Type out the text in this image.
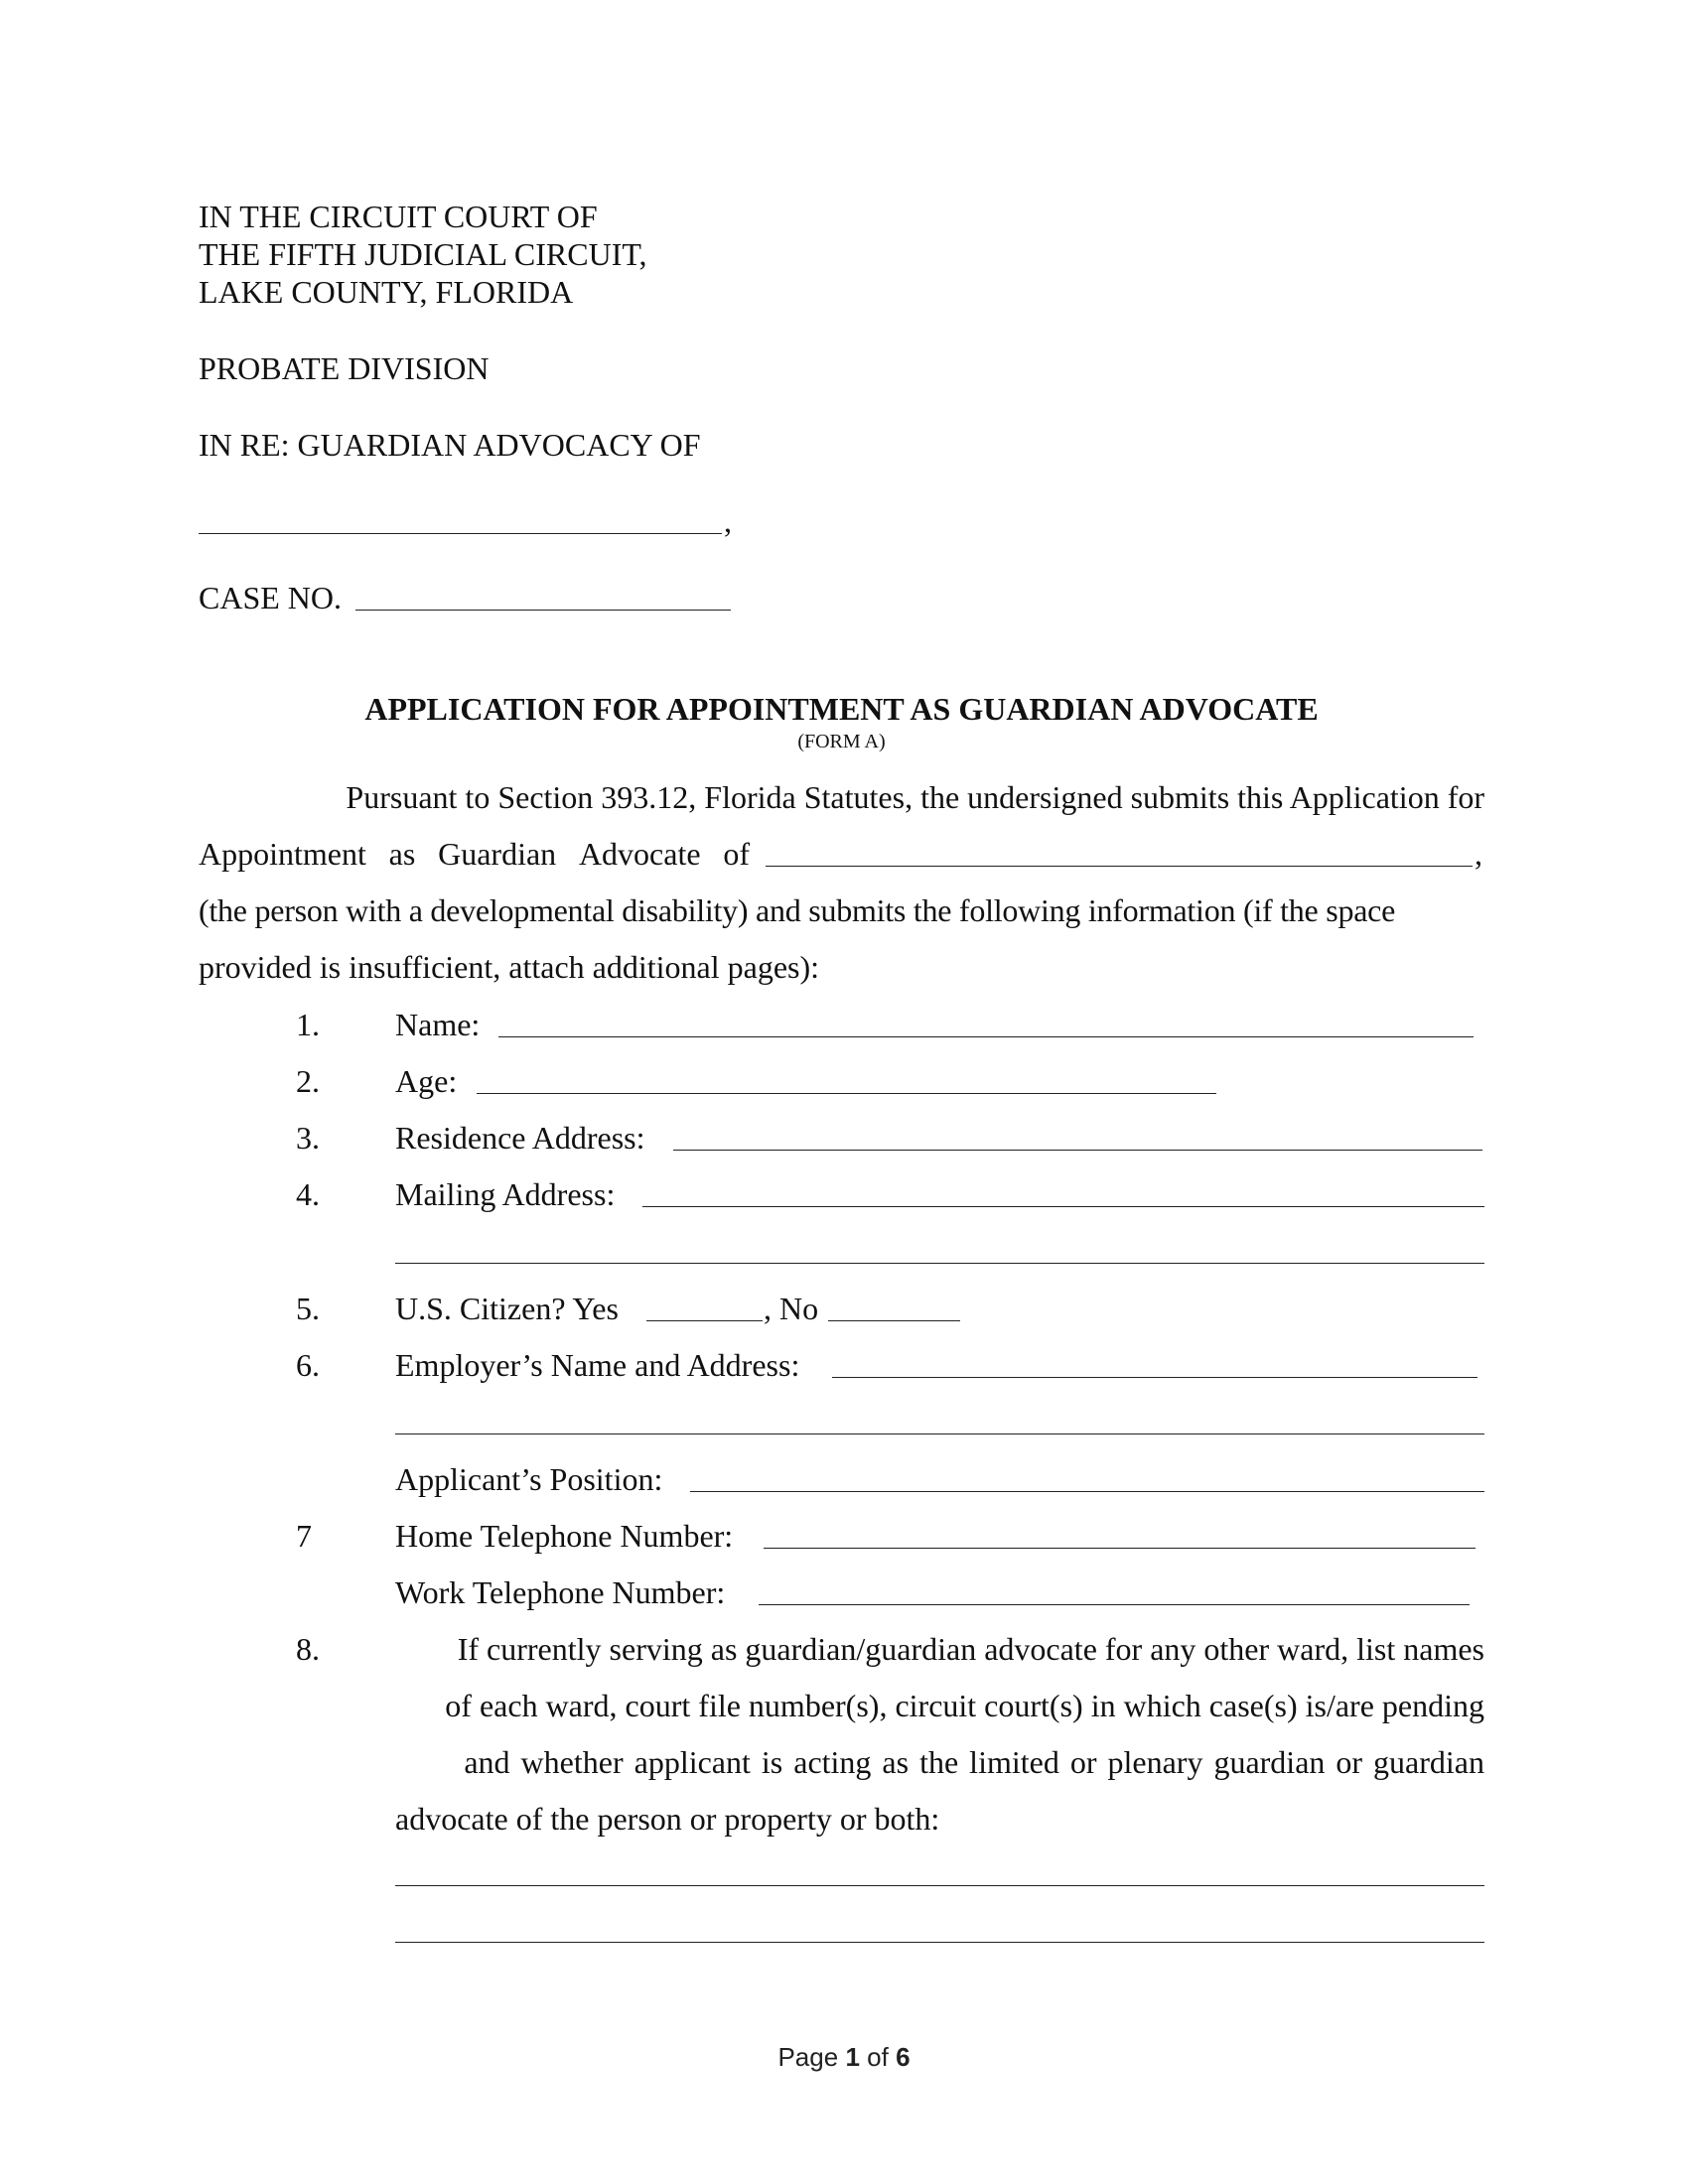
IN THE CIRCUIT COURT OF
THE FIFTH JUDICIAL CIRCUIT,
LAKE COUNTY, FLORIDA
PROBATE DIVISION
IN RE: GUARDIAN ADVOCACY OF
,
CASE NO.
APPLICATION FOR APPOINTMENT AS GUARDIAN ADVOCATE
(FORM A)
Pursuant to Section 393.12, Florida Statutes, the undersigned submits this Application for
Appointment as Guardian Advocate of	,
(the person with a developmental disability) and submits the following information (if the space
provided is insufficient, attach additional pages):
1. Name:
2. Age:
3. Residence Address:
4. Mailing Address:
5. U.S. Citizen? Yes	, No
6. Employer’s Name and Address:
Applicant’s Position:
7	Home Telephone Number:
Work Telephone Number:
8.	If currently serving as guardian/guardian advocate for any other ward, list names
of each ward, court file number(s), circuit court(s) in which case(s) is/are pending
and whether applicant is acting as the limited or plenary guardian or guardian
advocate of the person or property or both:
Page 1 of 6
